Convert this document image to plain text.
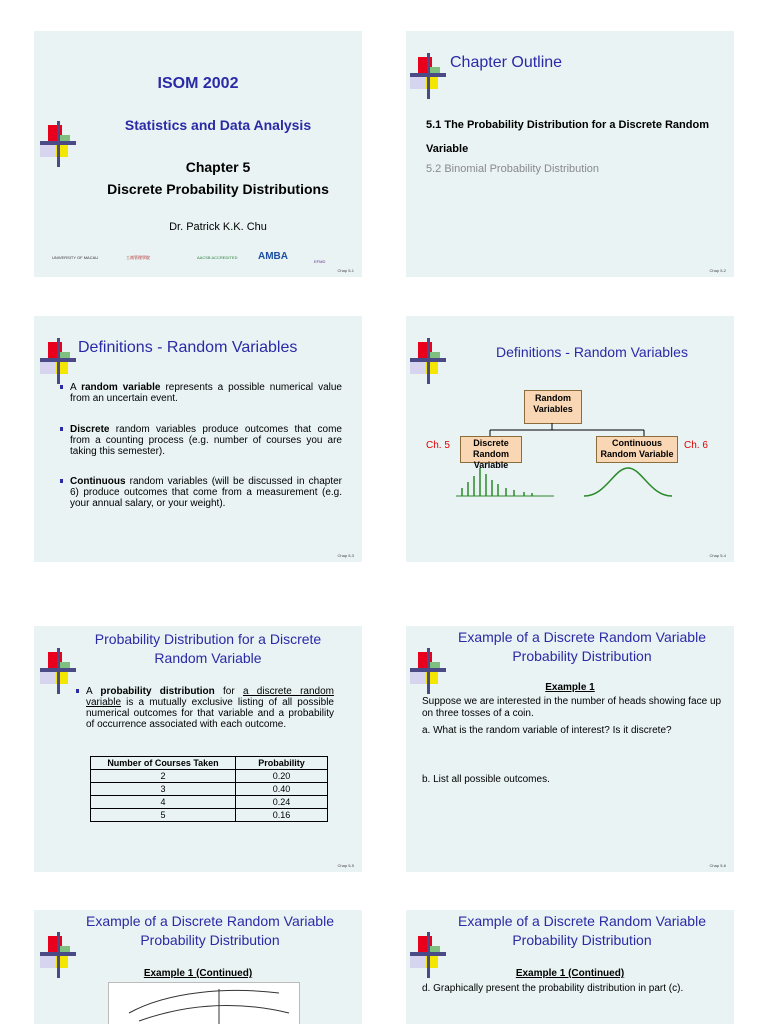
ISOM 2002
Statistics and Data Analysis
Chapter 5
Discrete Probability Distributions
Dr. Patrick K.K. Chu
UNIVERSITY OF MACAU	工商管理學院	AACSB ACCREDITED AMBA	EFMD
Chap 5-1
Chapter Outline
5.1 The Probability Distribution for a Discrete Random Variable
5.2 Binomial Probability Distribution
Chap 5-2
Definitions - Random Variables
A random variable represents a possible numerical value from an uncertain event.
Discrete random variables produce outcomes that come from a counting process (e.g. number of courses you are taking this semester).
Continuous random variables (will be discussed in chapter 6) produce outcomes that come from a measurement (e.g. your annual salary, or your weight).
Chap 5-3
Definitions - Random Variables
Random Variables
Discrete Random Variable
Continuous Random Variable
Ch. 5	Ch. 6
Chap 5-4
Probability Distribution for a Discrete Random Variable
A probability distribution for a discrete random variable is a mutually exclusive listing of all possible numerical outcomes for that variable and a probability of occurrence associated with each outcome.
Number of Courses Taken	Probability
2	0.20
3	0.40
4	0.24
5	0.16
Chap 5-5
Example of a Discrete Random Variable Probability Distribution
Example 1
Suppose we are interested in the number of heads showing face up on three tosses of a coin.
a. What is the random variable of interest? Is it discrete?
b. List all possible outcomes.
Chap 5-6
Example of a Discrete Random Variable Probability Distribution
Example 1 (Continued)
Example of a Discrete Random Variable Probability Distribution
Example 1 (Continued)
d. Graphically present the probability distribution in part (c).
